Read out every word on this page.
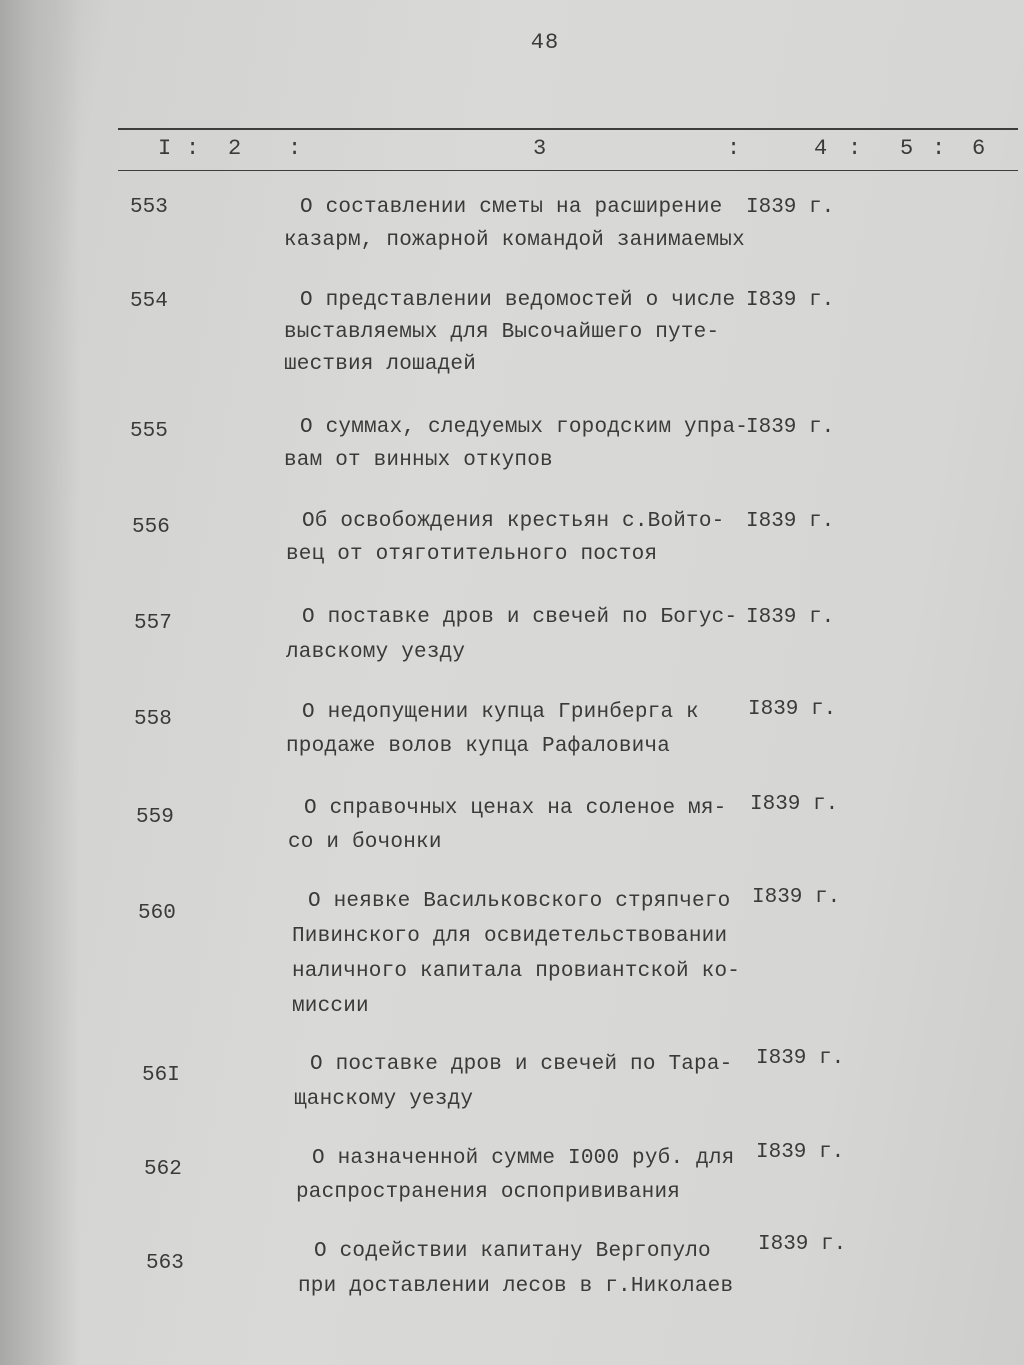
48
I : 2 :	3	:	4 : 5 : 6
553	О составлении сметы на расширение
казарм, пожарной командой занимаемых
I839 г.
554	О представлении ведомостей о числе
выставляемых для Высочайшего путе-
шествия лошадей
I839 г.
555	О суммах, следуемых городским упра-
вам от винных откупов
I839 г.
556	Об освобождения крестьян с.Войто-
вец от отяготительного постоя
I839 г.
557	О поставке дров и свечей по Богус-
лавскому уезду
I839 г.
558	О недопущении купца Гринберга к
продаже волов купца Рафаловича
I839 г.
559	О справочных ценах на соленое мя-
со и бочонки
I839 г.
560
О неявке Васильковского стряпчего
Пивинского для освидетельствовании
наличного капитала провиантской ко-
миссии
I839 г.
56I	О поставке дров и свечей по Тара-
щанскому уезду
I839 г.
562	О назначенной сумме I000 руб. для
распространения оспопрививания
I839 г.
563
О содействии капитану Вергопуло
при доставлении лесов в г.Николаев
I839 г.
